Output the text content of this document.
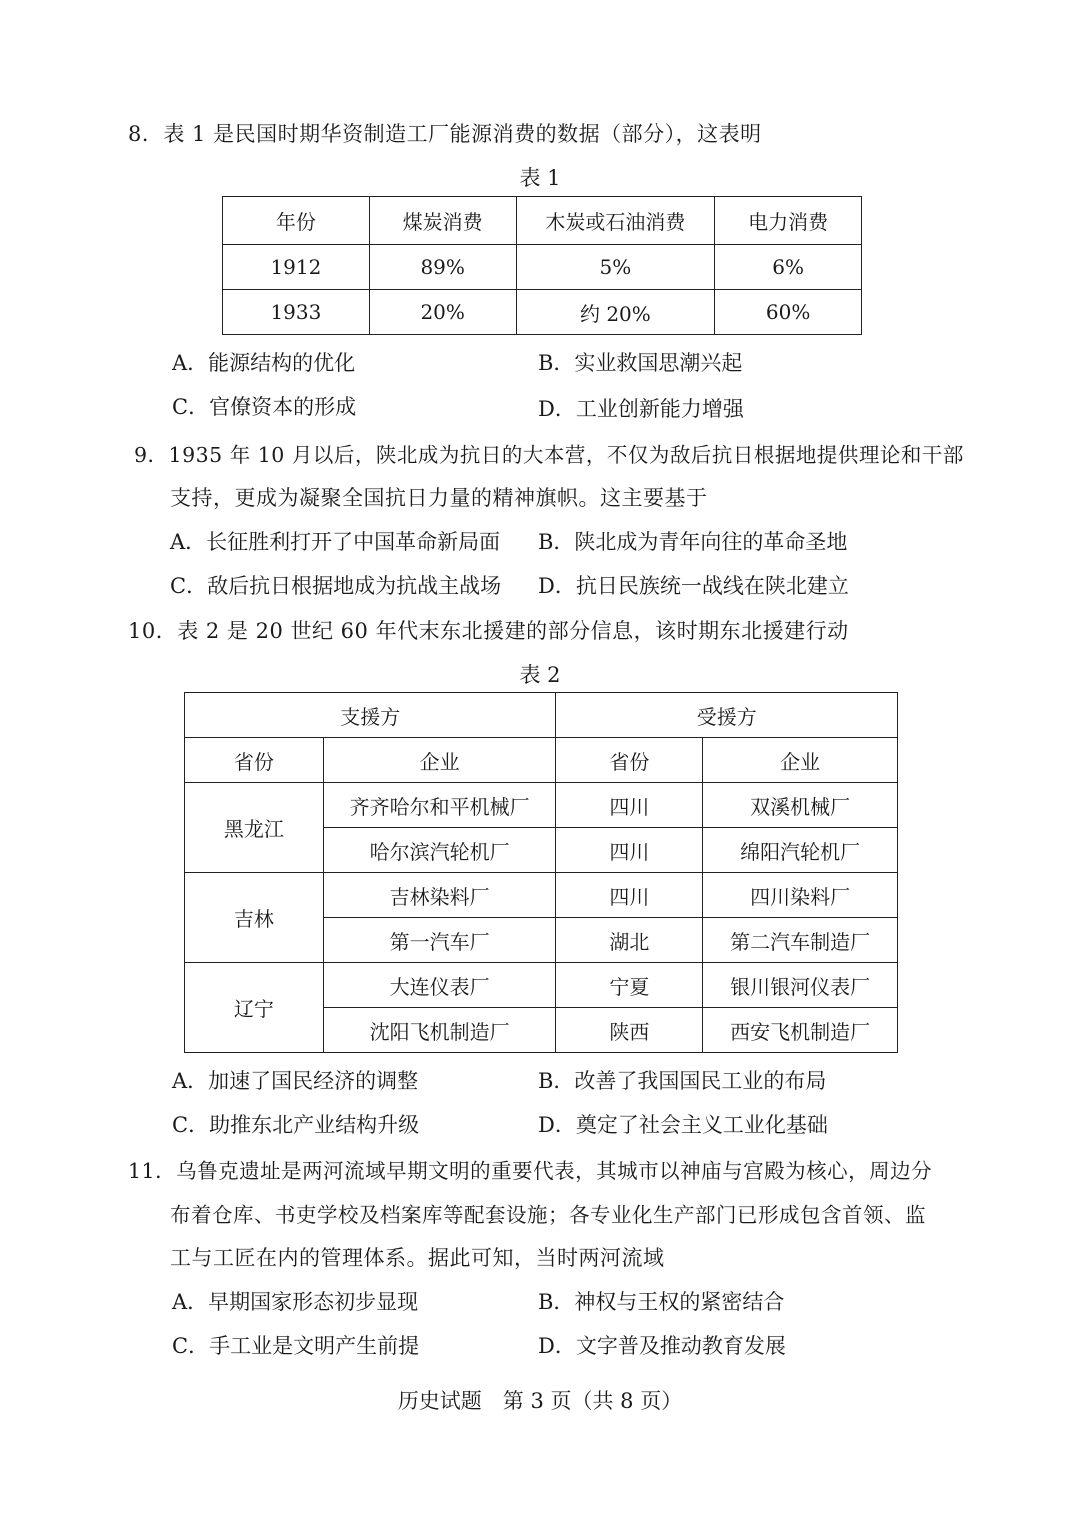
8．表 1 是民国时期华资制造工厂能源消费的数据（部分），这表明
表 1
年份	煤炭消费	木炭或石油消费	电力消费
1912	89%	5%	6%
1933	20%	约 20%	60%
A．能源结构的优化	B．实业救国思潮兴起
C．官僚资本的形成	D．工业创新能力增强
9．1935 年 10 月以后，陕北成为抗日的大本营，不仅为敌后抗日根据地提供理论和干部
支持，更成为凝聚全国抗日力量的精神旗帜。这主要基于
A．长征胜利打开了中国革命新局面 B．陕北成为青年向往的革命圣地
C．敌后抗日根据地成为抗战主战场 D．抗日民族统一战线在陕北建立
10．表 2 是 20 世纪 60 年代末东北援建的部分信息，该时期东北援建行动
表 2
支援方		受援方	
省份	企业	省份	企业
黑龙江	齐齐哈尔和平机械厂	四川	双溪机械厂
	哈尔滨汽轮机厂	四川	绵阳汽轮机厂
吉林	吉林染料厂	四川	四川染料厂
	第一汽车厂	湖北	第二汽车制造厂
辽宁	大连仪表厂	宁夏	银川银河仪表厂
	沈阳飞机制造厂	陕西	西安飞机制造厂
A．加速了国民经济的调整	B．改善了我国国民工业的布局
C．助推东北产业结构升级	D．奠定了社会主义工业化基础
11．乌鲁克遗址是两河流域早期文明的重要代表，其城市以神庙与宫殿为核心，周边分
布着仓库、书吏学校及档案库等配套设施；各专业化生产部门已形成包含首领、监
工与工匠在内的管理体系。据此可知，当时两河流域
A．早期国家形态初步显现	B．神权与王权的紧密结合
C．手工业是文明产生前提	D．文字普及推动教育发展
历史试题　第 3 页（共 8 页）
